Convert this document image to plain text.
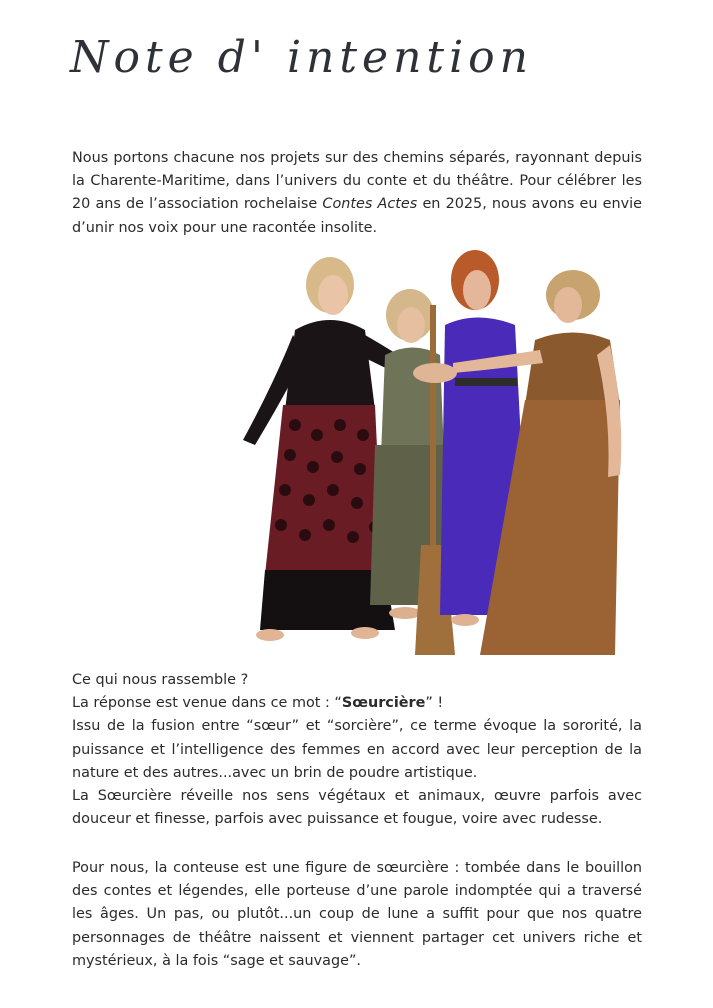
Note d' intention

Nous portons chacune nos projets sur des chemins séparés, rayonnant depuis la Charente-Maritime, dans l’univers du conte et du théâtre. Pour célébrer les 20 ans de l’association rochelaise Contes Actes en 2025, nous avons eu envie d’unir nos voix pour une racontée insolite.

Ce qui nous rassemble ?
La réponse est venue dans ce mot : “Sœurcière” !
Issu de la fusion entre “sœur” et “sorcière”, ce terme évoque la sororité, la puissance et l’intelligence des femmes en accord avec leur perception de la nature et des autres...avec un brin de poudre artistique.
La Sœurcière réveille nos sens végétaux et animaux, œuvre parfois avec douceur et finesse, parfois avec puissance et fougue, voire avec rudesse.

Pour nous, la conteuse est une figure de sœurcière : tombée dans le bouillon des contes et légendes, elle porteuse d’une parole indomptée qui a traversé les âges. Un pas, ou plutôt...un coup de lune a suffit pour que nos quatre personnages de théâtre naissent et viennent partager cet univers riche et mystérieux, à la fois “sage et sauvage”.
